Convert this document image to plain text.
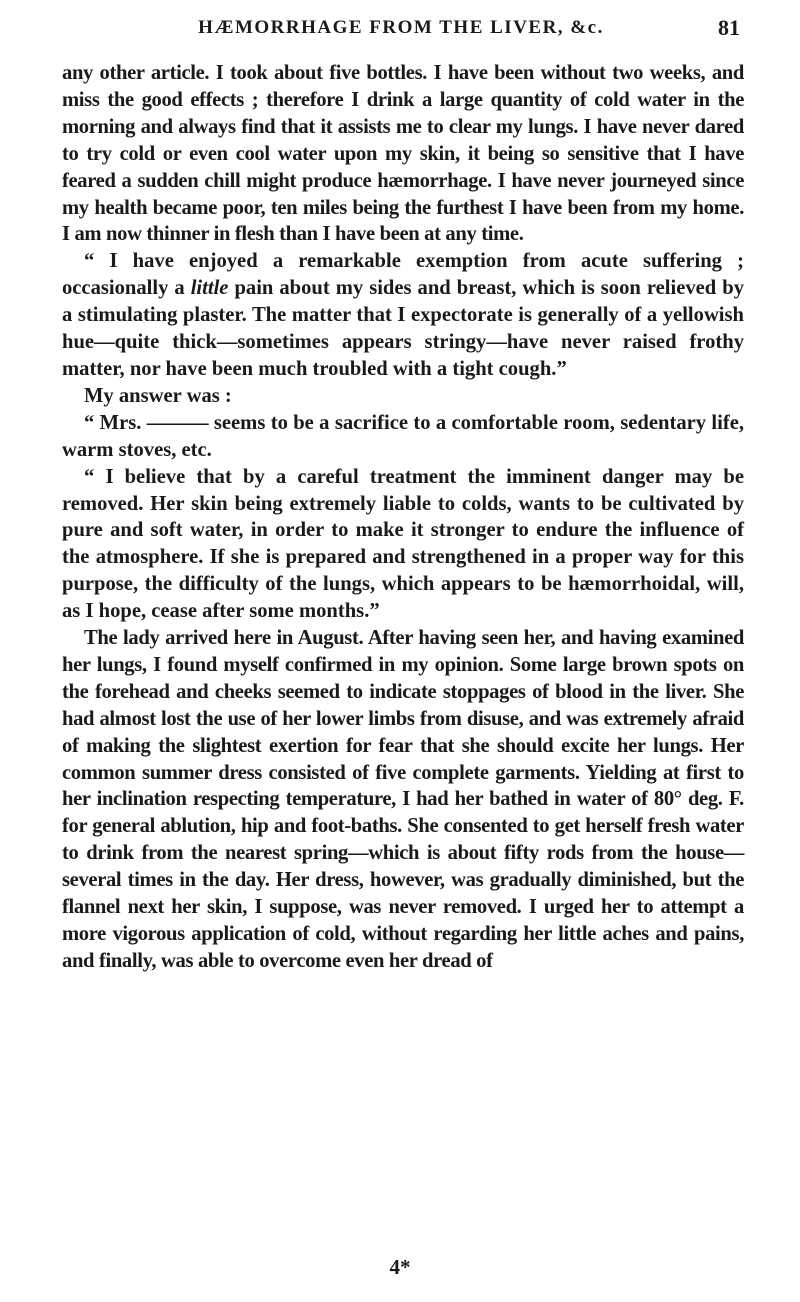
HÆMORRHAGE FROM THE LIVER, &c.	81

any other article. I took about five bottles. I have been without two weeks, and miss the good effects ; therefore I drink a large quantity of cold water in the morning and always find that it assists me to clear my lungs. I have never dared to try cold or even cool water upon my skin, it being so sensitive that I have feared a sudden chill might produce hæmorrhage. I have never journeyed since my health became poor, ten miles being the furthest I have been from my home. I am now thinner in flesh than I have been at any time.

“ I have enjoyed a remarkable exemption from acute suffering ; occasionally a little pain about my sides and breast, which is soon relieved by a stimulating plaster. The matter that I expectorate is generally of a yellowish hue—quite thick—sometimes appears stringy—have never raised frothy matter, nor have been much troubled with a tight cough.”

My answer was :

“ Mrs. ——— seems to be a sacrifice to a comfortable room, sedentary life, warm stoves, etc.

“ I believe that by a careful treatment the imminent danger may be removed. Her skin being extremely liable to colds, wants to be cultivated by pure and soft water, in order to make it stronger to endure the influence of the atmosphere. If she is prepared and strengthened in a proper way for this purpose, the difficulty of the lungs, which appears to be hæmorrhoidal, will, as I hope, cease after some months.”

The lady arrived here in August. After having seen her, and having examined her lungs, I found myself confirmed in my opinion. Some large brown spots on the forehead and cheeks seemed to indicate stoppages of blood in the liver. She had almost lost the use of her lower limbs from disuse, and was extremely afraid of making the slightest exertion for fear that she should excite her lungs. Her common summer dress consisted of five complete garments. Yielding at first to her inclination respecting temperature, I had her bathed in water of 80° deg. F. for general ablution, hip and foot-baths. She consented to get herself fresh water to drink from the nearest spring—which is about fifty rods from the house—several times in the day. Her dress, however, was gradually diminished, but the flannel next her skin, I suppose, was never removed. I urged her to attempt a more vigorous application of cold, without regarding her little aches and pains, and finally, was able to overcome even her dread of

4*
